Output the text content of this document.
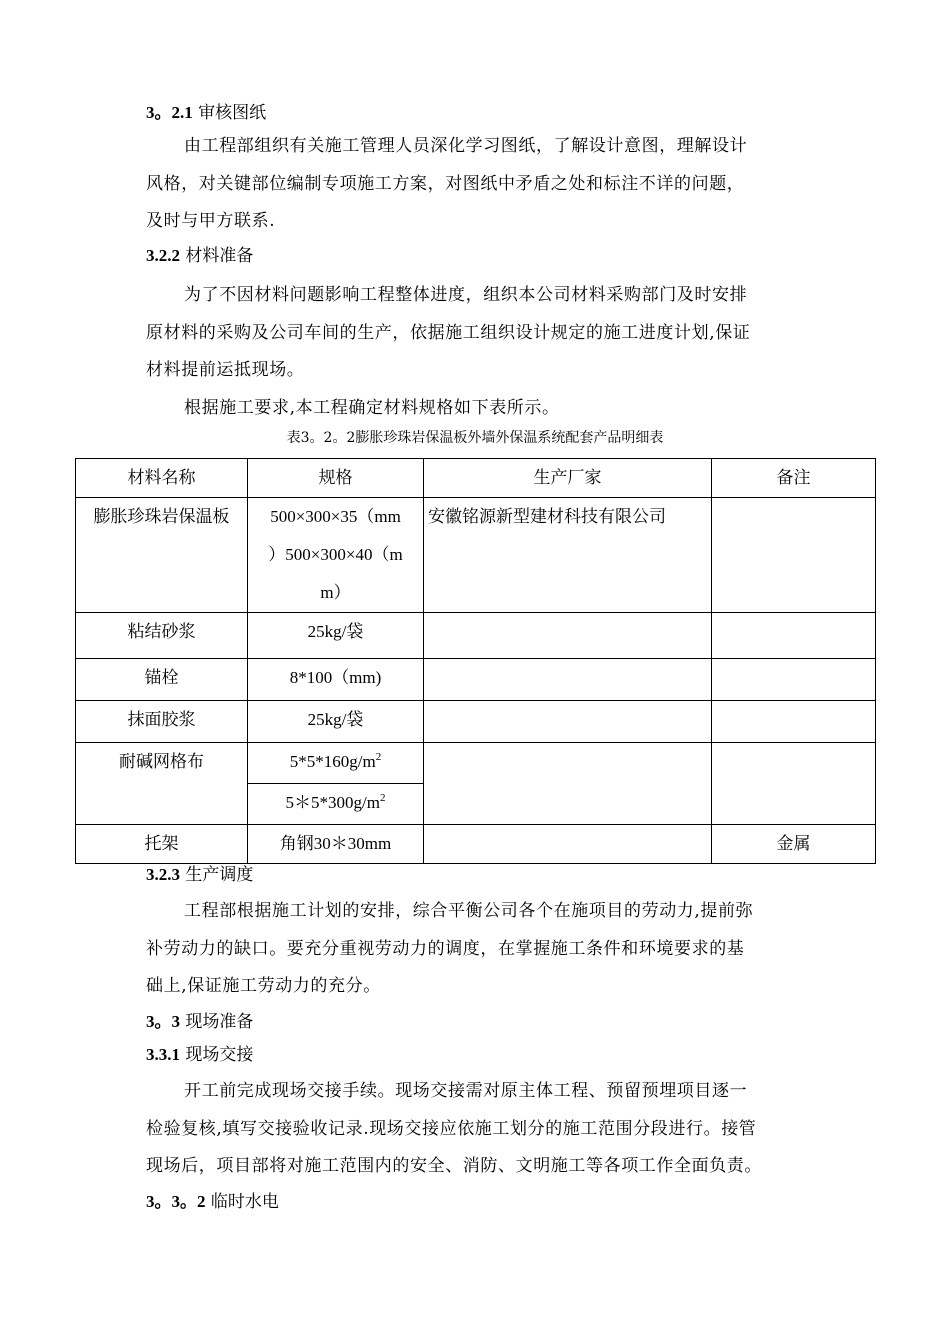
3。2.1 审核图纸
由工程部组织有关施工管理人员深化学习图纸，了解设计意图，理解设计
风格，对关键部位编制专项施工方案，对图纸中矛盾之处和标注不详的问题，
及时与甲方联系.
3.2.2 材料准备
为了不因材料问题影响工程整体进度，组织本公司材料采购部门及时安排
原材料的采购及公司车间的生产，依据施工组织设计规定的施工进度计划,保证
材料提前运抵现场。
根据施工要求,本工程确定材料规格如下表所示。
表3。2。2膨胀珍珠岩保温板外墙外保温系统配套产品明细表
材料名称	规格	生产厂家	备注
膨胀珍珠岩保温板	500×300×35（mm
）500×300×40（m
m）	安徽铭源新型建材科技有限公司	
粘结砂浆	25kg/袋		
锚栓	8*100（mm)		
抹面胶浆	25kg/袋		
耐碱网格布	$5*5*160g/m^2$		
	$5*5*300g/m^2$
托架	角钢30＊30mm		金属
3.2.3 生产调度
工程部根据施工计划的安排，综合平衡公司各个在施项目的劳动力,提前弥
补劳动力的缺口。要充分重视劳动力的调度，在掌握施工条件和环境要求的基
础上,保证施工劳动力的充分。
3。3 现场准备
3.3.1 现场交接
开工前完成现场交接手续。现场交接需对原主体工程、预留预埋项目逐一
检验复核,填写交接验收记录.现场交接应依施工划分的施工范围分段进行。接管
现场后，项目部将对施工范围内的安全、消防、文明施工等各项工作全面负责。
3。3。2 临时水电
